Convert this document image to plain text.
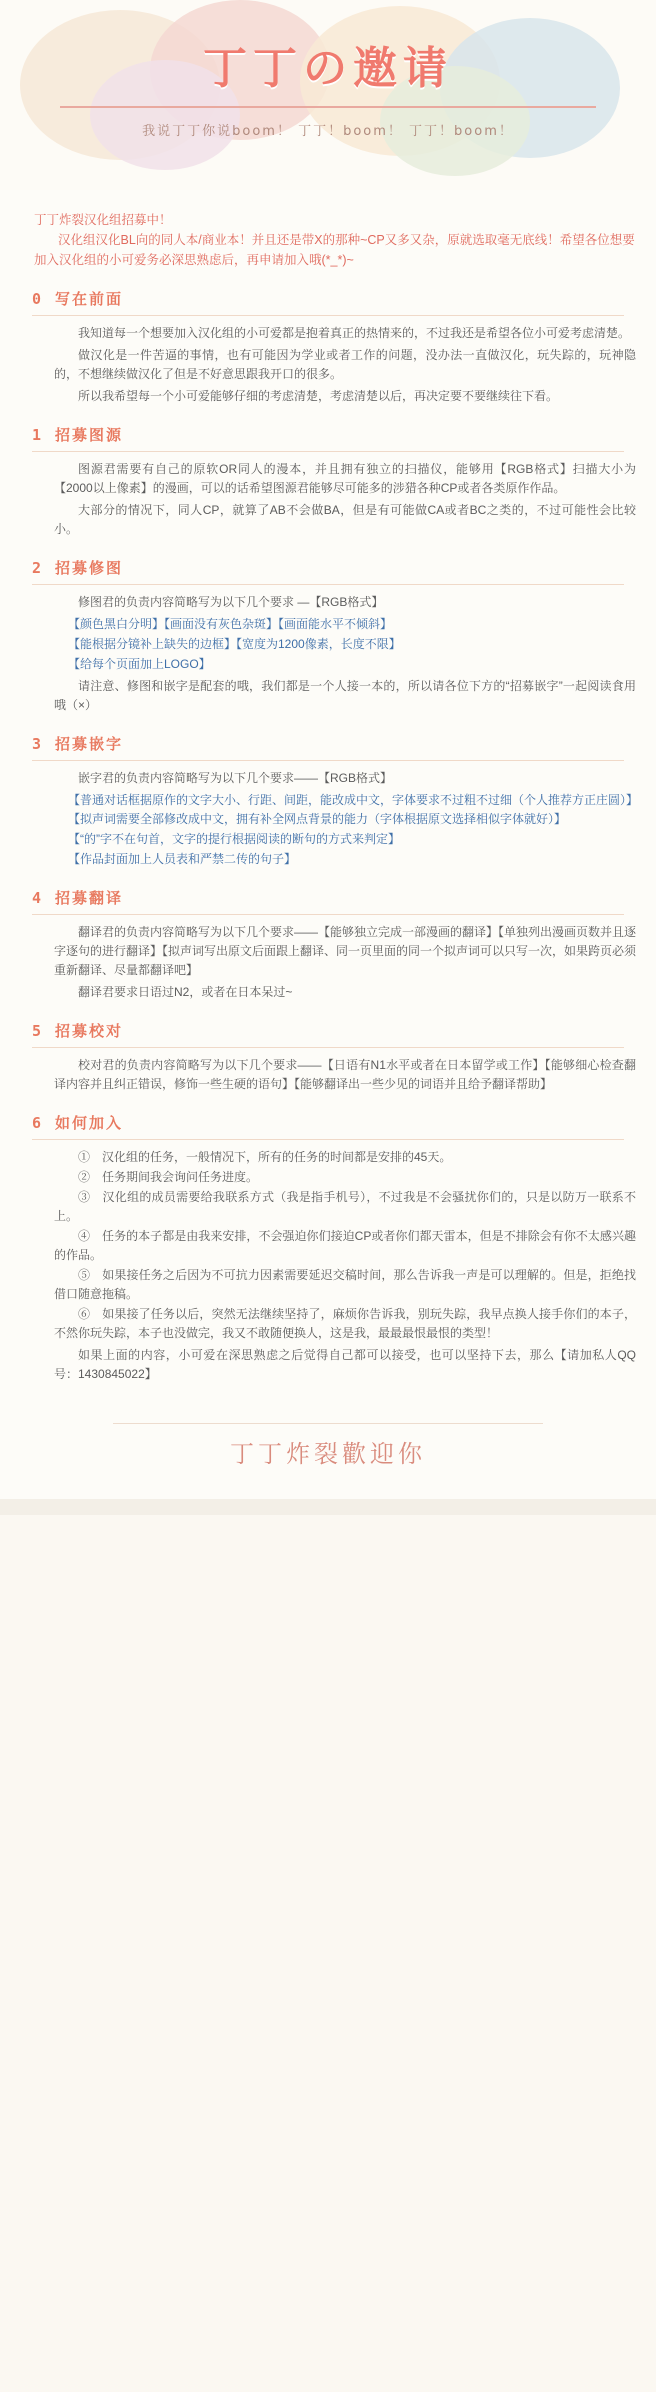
丁丁の邀请
我说丁丁你说boom！ 丁丁！boom！ 丁丁！boom！
丁丁炸裂汉化组招募中！
汉化组汉化BL向的同人本/商业本！并且还是带X的那种~CP又多又杂，原就选取毫无底线！希望各位想要加入汉化组的小可爱务必深思熟虑后，再申请加入哦(*_*)~
0 写在前面

我知道每一个想要加入汉化组的小可爱都是抱着真正的热情来的，不过我还是希望各位小可爱考虑清楚。

做汉化是一件苦逼的事情，也有可能因为学业或者工作的问题，没办法一直做汉化，玩失踪的，玩神隐的，不想继续做汉化了但是不好意思跟我开口的很多。

所以我希望每一个小可爱能够仔细的考虑清楚，考虑清楚以后，再决定要不要继续往下看。

1 招募图源

图源君需要有自己的原软OR同人的漫本，并且拥有独立的扫描仪，能够用【RGB格式】扫描大小为【2000以上像素】的漫画，可以的话希望图源君能够尽可能多的涉猎各种CP或者各类原作作品。

大部分的情况下，同人CP，就算了AB不会做BA，但是有可能做CA或者BC之类的，不过可能性会比较小。

2 招募修图

修图君的负责内容简略写为以下几个要求 —【RGB格式】

【颜色黑白分明】【画面没有灰色杂斑】【画面能水平不倾斜】

【能根据分镜补上缺失的边框】【宽度为1200像素，长度不限】

【给每个页面加上LOGO】

请注意、修图和嵌字是配套的哦，我们都是一个人接一本的，所以请各位下方的“招募嵌字”一起阅读食用哦（×）

3 招募嵌字

嵌字君的负责内容简略写为以下几个要求——【RGB格式】

【普通对话框据原作的文字大小、行距、间距，能改成中文，字体要求不过粗不过细（个人推荐方正庄圆）】【拟声词需要全部修改成中文，拥有补全网点背景的能力（字体根据原文选择相似字体就好）】

【“的”字不在句首，文字的提行根据阅读的断句的方式来判定】

【作品封面加上人员表和严禁二传的句子】

4 招募翻译

翻译君的负责内容简略写为以下几个要求——【能够独立完成一部漫画的翻译】【单独列出漫画页数并且逐字逐句的进行翻译】【拟声词写出原文后面跟上翻译、同一页里面的同一个拟声词可以只写一次，如果跨页必须重新翻译、尽量都翻译吧】

翻译君要求日语过N2，或者在日本呆过~

5 招募校对

校对君的负责内容简略写为以下几个要求——【日语有N1水平或者在日本留学或工作】【能够细心检查翻译内容并且纠正错误，修饰一些生硬的语句】【能够翻译出一些少见的词语并且给予翻译帮助】

6 如何加入

①　汉化组的任务，一般情况下，所有的任务的时间都是安排的45天。

②　任务期间我会询问任务进度。

③　汉化组的成员需要给我联系方式（我是指手机号），不过我是不会骚扰你们的，只是以防万一联系不上。

④　任务的本子都是由我来安排，不会强迫你们接迫CP或者你们都天雷本，但是不排除会有你不太感兴趣的作品。

⑤　如果接任务之后因为不可抗力因素需要延迟交稿时间，那么告诉我一声是可以理解的。但是，拒绝找借口随意拖稿。

⑥　如果接了任务以后，突然无法继续坚持了，麻烦你告诉我，别玩失踪，我早点换人接手你们的本子，不然你玩失踪，本子也没做完，我又不敢随便换人，这是我，最最最恨最恨的类型！

如果上面的内容，小可爱在深思熟虑之后觉得自己都可以接受，也可以坚持下去，那么【请加私人QQ号：1430845022】

丁丁炸裂歡迎你
